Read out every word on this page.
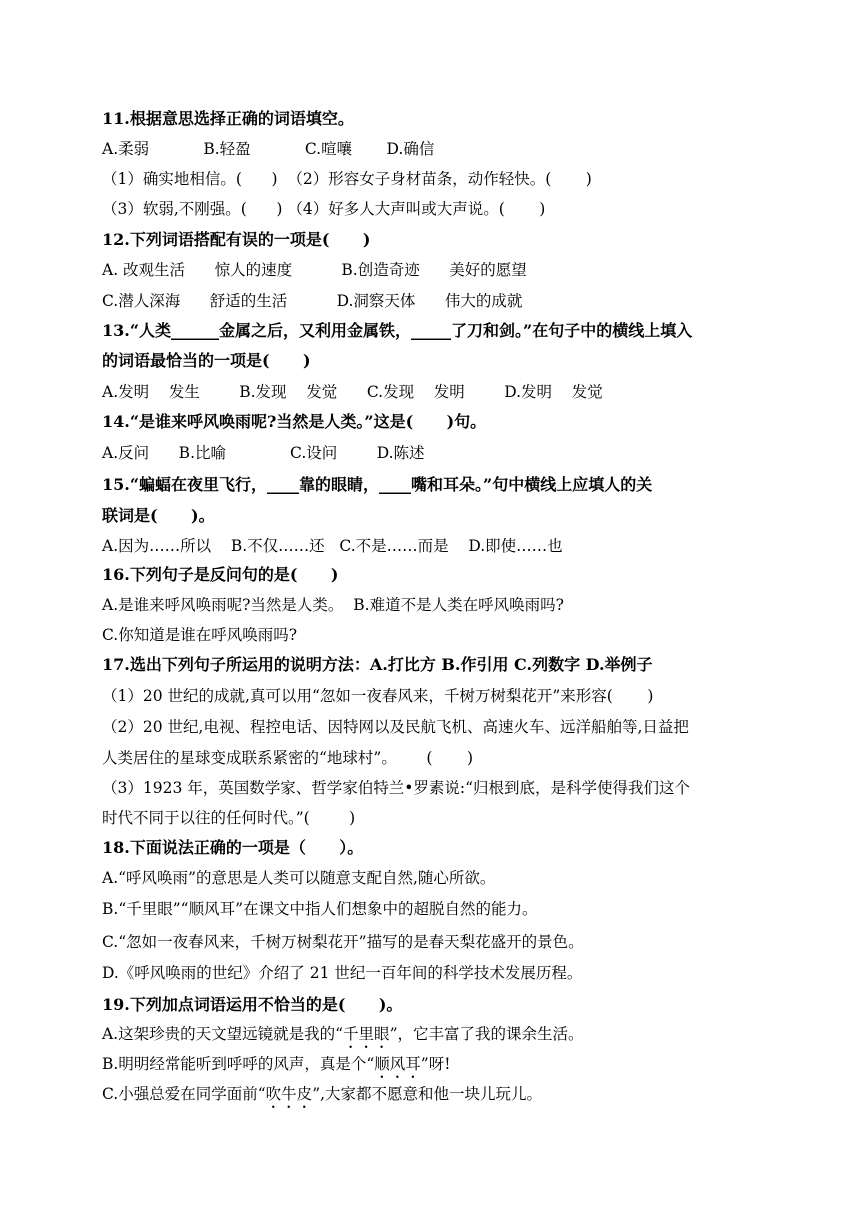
11.根据意思选择正确的词语填空。
A.柔弱           B.轻盈           C.喧嚷       D.确信
（1）确实地相信。(      )  （2）形容女子身材苗条，动作轻快。(       )
（3）软弱,不刚强。(      ) （4）好多人大声叫或大声说。(       )
12.下列词语搭配有误的一项是(      )
A. 改观生活      惊人的速度          B.创造奇迹      美好的愿望
C.潜人深海      舒适的生活          D.洞察天体      伟大的成就
13.“人类______金属之后，又利用金属铁，_____了刀和剑。”在句子中的横线上填入
的词语最恰当的一项是(      )
A.发明    发生        B.发现    发觉      C.发现    发明        D.发明    发觉
14.“是谁来呼风唤雨呢?当然是人类。”这是(      )句。
A.反问      B.比喻             C.设问        D.陈述
15.“蝙蝠在夜里飞行，____靠的眼睛，____嘴和耳朵。”句中横线上应填人的关
联词是(      )。
A.因为……所以    B.不仅……还   C.不是……而是    D.即使……也
16.下列句子是反问句的是(      )
A.是谁来呼风唤雨呢?当然是人类。  B.难道不是人类在呼风唤雨吗?
C.你知道是谁在呼风唤雨吗?
17.选出下列句子所运用的说明方法：A.打比方 B.作引用 C.列数字 D.举例子
（1）20 世纪的成就,真可以用“忽如一夜春风来，千树万树梨花开”来形容(       )
（2）20 世纪,电视、程控电话、因特网以及民航飞机、高速火车、远洋船舶等,日益把
人类居住的星球变成联系紧密的“地球村”。      (       )
（3）1923 年，英国数学家、哲学家伯特兰•罗素说:“归根到底，是科学使得我们这个
时代不同于以往的任何时代。”(        )
18.下面说法正确的一项是（      ）。
A.“呼风唤雨”的意思是人类可以随意支配自然,随心所欲。
B.“千里眼”“顺风耳”在课文中指人们想象中的超脱自然的能力。
C.“忽如一夜春风来，千树万树梨花开”描写的是春天梨花盛开的景色。
D.《呼风唤雨的世纪》介绍了 21 世纪一百年间的科学技术发展历程。
19.下列加点词语运用不恰当的是(      )。
A.这架珍贵的天文望远镜就是我的“千里眼”，它丰富了我的课余生活。
B.明明经常能听到呼呼的风声，真是个“顺风耳”呀!
C.小强总爱在同学面前“吹牛皮”,大家都不愿意和他一块儿玩儿。
